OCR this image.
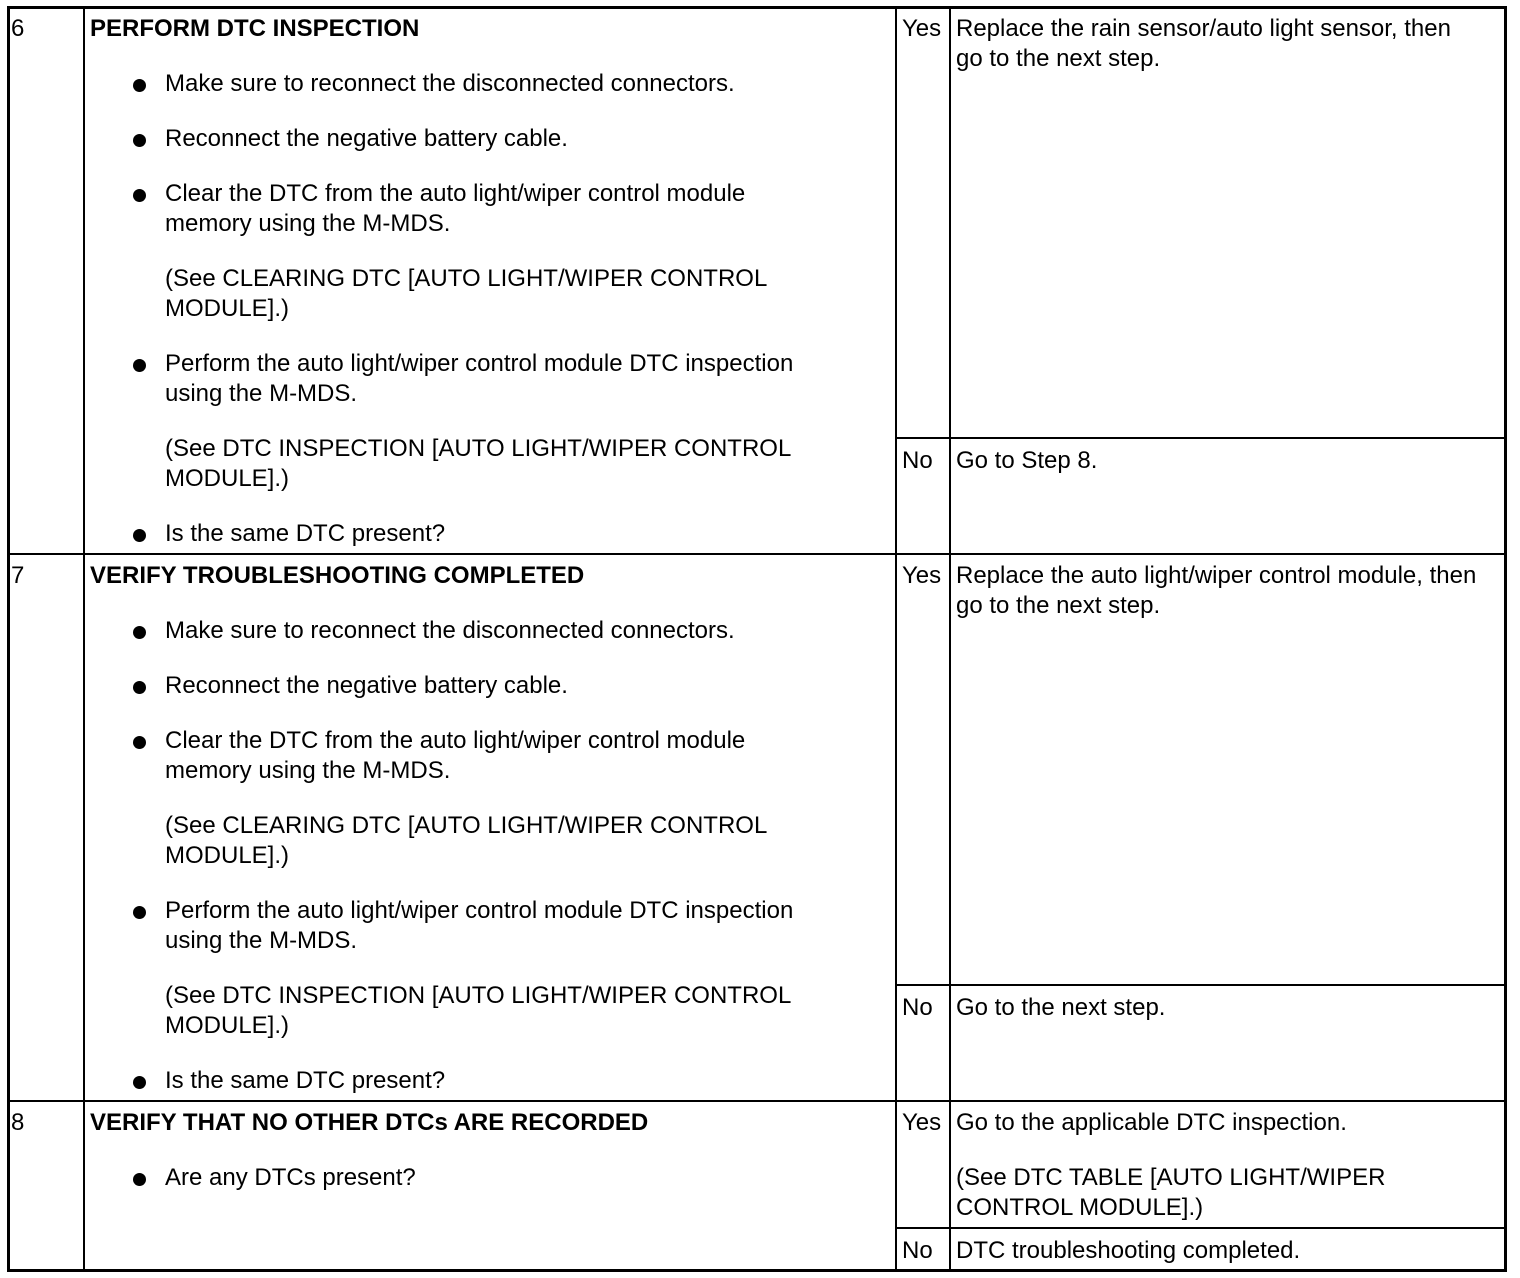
6	PERFORM DTC INSPECTION
Make sure to reconnect the disconnected connectors.
Reconnect the negative battery cable.
Clear the DTC from the auto light/wiper control module
memory using the M-MDS.
(See CLEARING DTC [AUTO LIGHT/WIPER CONTROL
MODULE].)
Perform the auto light/wiper control module DTC inspection
using the M-MDS.
(See DTC INSPECTION [AUTO LIGHT/WIPER CONTROL
MODULE].)
Is the same DTC present?
Yes Replace the rain sensor/auto light sensor, then
go to the next step.
No Go to Step 8.
7	VERIFY TROUBLESHOOTING COMPLETED
Make sure to reconnect the disconnected connectors.
Reconnect the negative battery cable.
Clear the DTC from the auto light/wiper control module
memory using the M-MDS.
(See CLEARING DTC [AUTO LIGHT/WIPER CONTROL
MODULE].)
Perform the auto light/wiper control module DTC inspection
using the M-MDS.
(See DTC INSPECTION [AUTO LIGHT/WIPER CONTROL
MODULE].)
Is the same DTC present?
Yes Replace the auto light/wiper control module, then
go to the next step.
No Go to the next step.
8	VERIFY THAT NO OTHER DTCs ARE RECORDED
Are any DTCs present?
Yes Go to the applicable DTC inspection.
(See DTC TABLE [AUTO LIGHT/WIPER
CONTROL MODULE].)
No DTC troubleshooting completed.
